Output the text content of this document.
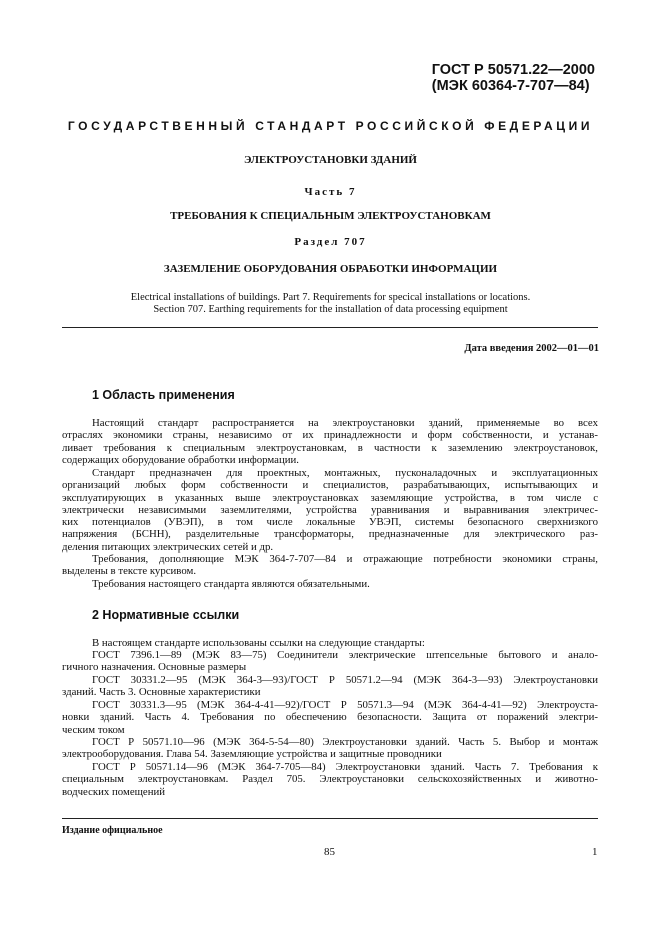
ГОСТ Р 50571.22—2000
(МЭК 60364-7-707—84)
ГОСУДАРСТВЕННЫЙ СТАНДАРТ РОССИЙСКОЙ ФЕДЕРАЦИИ
ЭЛЕКТРОУСТАНОВКИ ЗДАНИЙ
Часть 7
ТРЕБОВАНИЯ К СПЕЦИАЛЬНЫМ ЭЛЕКТРОУСТАНОВКАМ
Раздел 707
ЗАЗЕМЛЕНИЕ ОБОРУДОВАНИЯ ОБРАБОТКИ ИНФОРМАЦИИ
Electrical installations of buildings. Part 7. Requirements for specical installations or locations.
Section 707. Earthing requirements for the installation of data processing equipment
Дата введения 2002—01—01
1 Область применения
Настоящий стандарт распространяется на электроустановки зданий, применяемые во всех
отраслях экономики страны, независимо от их принадлежности и форм собственности, и устанав-
ливает требования к специальным электроустановкам, в частности к заземлению электроустановок,
содержащих оборудование обработки информации.
Стандарт предназначен для проектных, монтажных, пусконаладочных и эксплуатационных
организаций любых форм собственности и специалистов, разрабатывающих, испытывающих и
эксплуатирующих в указанных выше электроустановках заземляющие устройства, в том числе с
электрически независимыми заземлителями, устройства уравнивания и выравнивания электричес-
ких потенциалов (УВЭП), в том числе локальные УВЭП, системы безопасного сверхнизкого
напряжения (БСНН), разделительные трансформаторы, предназначенные для электрического раз-
деления питающих электрических сетей и др.
Требования, дополняющие МЭК 364-7-707—84 и отражающие потребности экономики страны,
выделены в тексте курсивом.
Требования настоящего стандарта являются обязательными.
2 Нормативные ссылки
В настоящем стандарте использованы ссылки на следующие стандарты:
ГОСТ 7396.1—89 (МЭК 83—75) Соединители электрические штепсельные бытового и анало-
гичного назначения. Основные размеры
ГОСТ 30331.2—95 (МЭК 364-3—93)/ГОСТ Р 50571.2—94 (МЭК 364-3—93) Электроустановки
зданий. Часть 3. Основные характеристики
ГОСТ 30331.3—95 (МЭК 364-4-41—92)/ГОСТ Р 50571.3—94 (МЭК 364-4-41—92) Электроуста-
новки зданий. Часть 4. Требования по обеспечению безопасности. Защита от поражений электри-
ческим током
ГОСТ Р 50571.10—96 (МЭК 364-5-54—80) Электроустановки зданий. Часть 5. Выбор и монтаж
электрооборудования. Глава 54. Заземляющие устройства и защитные проводники
ГОСТ Р 50571.14—96 (МЭК 364-7-705—84) Электроустановки зданий. Часть 7. Требования к
специальным электроустановкам. Раздел 705. Электроустановки сельскохозяйственных и животно-
водческих помещений
Издание официальное
85	1
